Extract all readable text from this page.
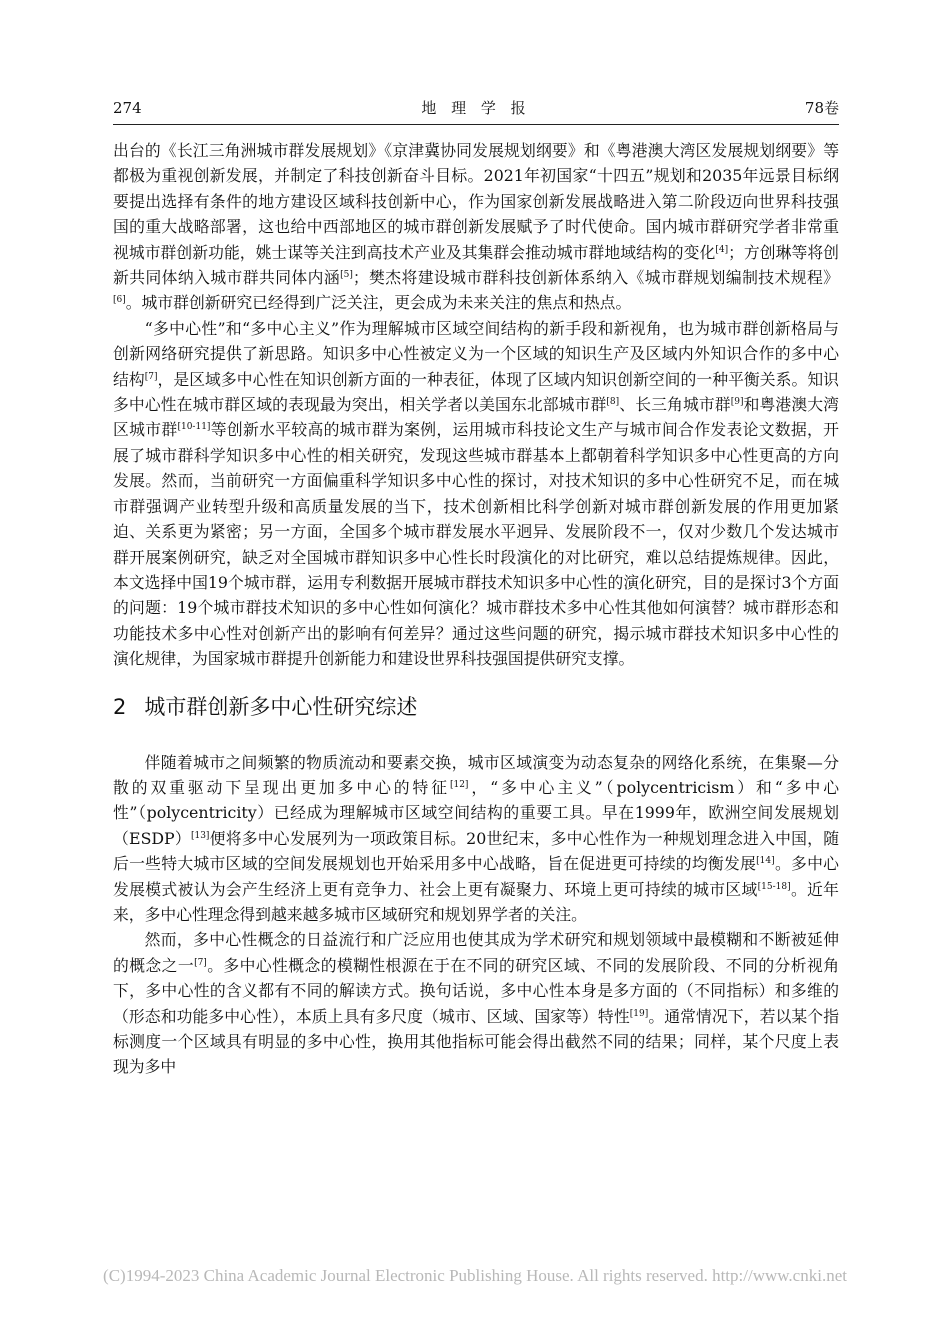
274	地 理 学 报	78卷

出台的《长江三角洲城市群发展规划》《京津冀协同发展规划纲要》和《粤港澳大湾区发展规划纲要》等都极为重视创新发展，并制定了科技创新奋斗目标。2021年初国家“十四五”规划和2035年远景目标纲要提出选择有条件的地方建设区域科技创新中心，作为国家创新发展战略进入第二阶段迈向世界科技强国的重大战略部署，这也给中西部地区的城市群创新发展赋予了时代使命。国内城市群研究学者非常重视城市群创新功能，姚士谋等关注到高技术产业及其集群会推动城市群地域结构的变化[4]；方创琳等将创新共同体纳入城市群共同体内涵[5]；樊杰将建设城市群科技创新体系纳入《城市群规划编制技术规程》[6]。城市群创新研究已经得到广泛关注，更会成为未来关注的焦点和热点。

“多中心性”和“多中心主义”作为理解城市区域空间结构的新手段和新视角，也为城市群创新格局与创新网络研究提供了新思路。知识多中心性被定义为一个区域的知识生产及区域内外知识合作的多中心结构[7]，是区域多中心性在知识创新方面的一种表征，体现了区域内知识创新空间的一种平衡关系。知识多中心性在城市群区域的表现最为突出，相关学者以美国东北部城市群[8]、长三角城市群[9]和粤港澳大湾区城市群[10-11]等创新水平较高的城市群为案例，运用城市科技论文生产与城市间合作发表论文数据，开展了城市群科学知识多中心性的相关研究，发现这些城市群基本上都朝着科学知识多中心性更高的方向发展。然而，当前研究一方面偏重科学知识多中心性的探讨，对技术知识的多中心性研究不足，而在城市群强调产业转型升级和高质量发展的当下，技术创新相比科学创新对城市群创新发展的作用更加紧迫、关系更为紧密；另一方面，全国多个城市群发展水平迥异、发展阶段不一，仅对少数几个发达城市群开展案例研究，缺乏对全国城市群知识多中心性长时段演化的对比研究，难以总结提炼规律。因此，本文选择中国19个城市群，运用专利数据开展城市群技术知识多中心性的演化研究，目的是探讨3个方面的问题：19个城市群技术知识的多中心性如何演化？城市群技术多中心性其他如何演替？城市群形态和功能技术多中心性对创新产出的影响有何差异？通过这些问题的研究，揭示城市群技术知识多中心性的演化规律，为国家城市群提升创新能力和建设世界科技强国提供研究支撑。

2 城市群创新多中心性研究综述

伴随着城市之间频繁的物质流动和要素交换，城市区域演变为动态复杂的网络化系统，在集聚—分散的双重驱动下呈现出更加多中心的特征[12]，“多中心主义”（polycentricism）和“多中心性”（polycentricity）已经成为理解城市区域空间结构的重要工具。早在1999年，欧洲空间发展规划（ESDP）[13]便将多中心发展列为一项政策目标。20世纪末，多中心性作为一种规划理念进入中国，随后一些特大城市区域的空间发展规划也开始采用多中心战略，旨在促进更可持续的均衡发展[14]。多中心发展模式被认为会产生经济上更有竞争力、社会上更有凝聚力、环境上更可持续的城市区域[15-18]。近年来，多中心性理念得到越来越多城市区域研究和规划界学者的关注。

然而，多中心性概念的日益流行和广泛应用也使其成为学术研究和规划领域中最模糊和不断被延伸的概念之一[7]。多中心性概念的模糊性根源在于在不同的研究区域、不同的发展阶段、不同的分析视角下，多中心性的含义都有不同的解读方式。换句话说，多中心性本身是多方面的（不同指标）和多维的（形态和功能多中心性），本质上具有多尺度（城市、区域、国家等）特性[19]。通常情况下，若以某个指标测度一个区域具有明显的多中心性，换用其他指标可能会得出截然不同的结果；同样，某个尺度上表现为多中

(C)1994-2023 China Academic Journal Electronic Publishing House. All rights reserved. http://www.cnki.net
